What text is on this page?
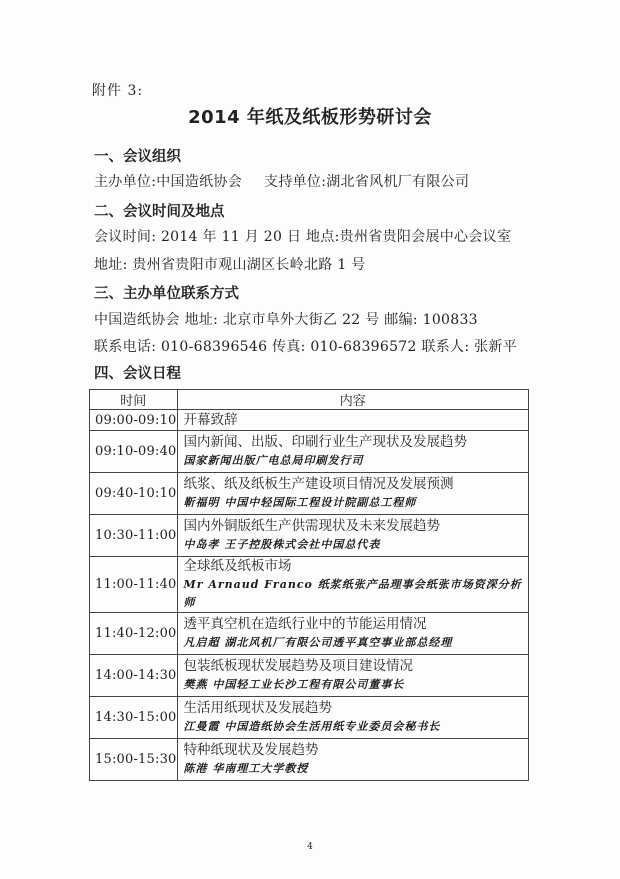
附件 3:
2014 年纸及纸板形势研讨会
一、会议组织
主办单位:中国造纸协会 支持单位:湖北省风机厂有限公司
二、会议时间及地点
会议时间: 2014 年 11 月 20 日 地点:贵州省贵阳会展中心会议室
地址: 贵州省贵阳市观山湖区长岭北路 1 号
三、主办单位联系方式
中国造纸协会 地址: 北京市阜外大街乙 22 号 邮编: 100833
联系电话: 010-68396546 传真: 010-68396572 联系人: 张新平
四、会议日程
时间	内容
09:00-09:10	开幕致辞

09:10-09:40	国内新闻、出版、印刷行业生产现状及发展趋势
国家新闻出版广电总局印刷发行司

09:40-10:10	纸浆、纸及纸板生产建设项目情况及发展预测
靳福明 中国中轻国际工程设计院副总工程师

10:30-11:00	国内外铜版纸生产供需现状及未来发展趋势
中岛孝 王子控股株式会社中国总代表

11:00-11:40	全球纸及纸板市场
Mr Arnaud Franco 纸浆纸张产品理事会纸张市场资深分析师

11:40-12:00	透平真空机在造纸行业中的节能运用情况
凡启超 湖北风机厂有限公司透平真空事业部总经理

14:00-14:30	包装纸板现状发展趋势及项目建设情况
樊燕 中国轻工业长沙工程有限公司董事长

14:30-15:00	生活用纸现状及发展趋势
江曼霞 中国造纸协会生活用纸专业委员会秘书长

15:00-15:30	特种纸现状及发展趋势
陈港 华南理工大学教授
4
